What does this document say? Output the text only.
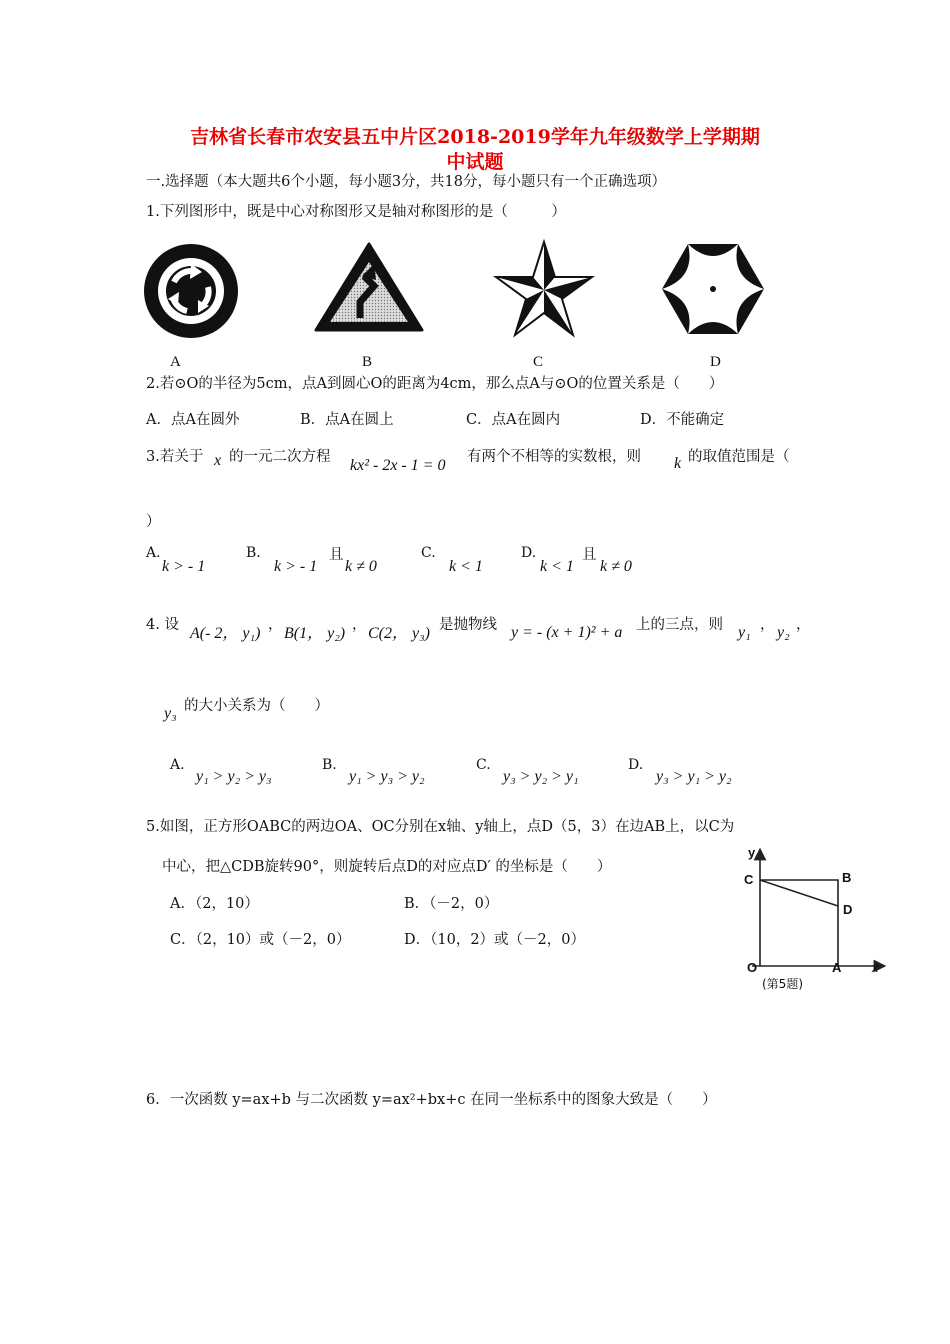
吉林省长春市农安县五中片区2018-2019学年九年级数学上学期期
中试题
一.选择题（本大题共6个小题，每小题3分，共18分，每小题只有一个正确选项）
1.下列图形中，既是中心对称图形又是轴对称图形的是（　　　）
A	B	C	D
2.若⊙O的半径为5cm，点A到圆心O的距离为4cm，那么点A与⊙O的位置关系是（　　）
A．点A在圆外	B．点A在圆上	C．点A在圆内	D．不能确定
3.若关于 x 的一元二次方程 kx² - 2x - 1 = 0 有两个不相等的实数根，则 k 的取值范围是（
）
A.
k > - 1
B.
k > - 1
且
k ≠ 0
C.
k < 1
D.
k < 1
且
k ≠ 0
4. 设 A(- 2， y₁) ， B(1， y₂) ， C(2， y₃) 是抛物线 y = - (x + 1)² + a 上的三点，则 y₁ ， y₂ ，
y₃ 的大小关系为（　　）
A.
y₁ > y₂ > y₃
B.
y₁ > y₃ > y₂
C.
y₃ > y₂ > y₁
D.
y₃ > y₁ > y₂
5.如图，正方形OABC的两边OA、OC分别在x轴、y轴上，点D（5，3）在边AB上，以C为
中心，把△CDB旋转90°，则旋转后点D的对应点D′ 的坐标是（　　）
A．（2，10）	B．（－2，0）
C．（2，10）或（－2，0）	D．（10，2）或（－2，0）
y
x
C	B
D
O	A
(第5题)
6．一次函数 y=ax+b 与二次函数 y=ax²+bx+c 在同一坐标系中的图象大致是（　　）
